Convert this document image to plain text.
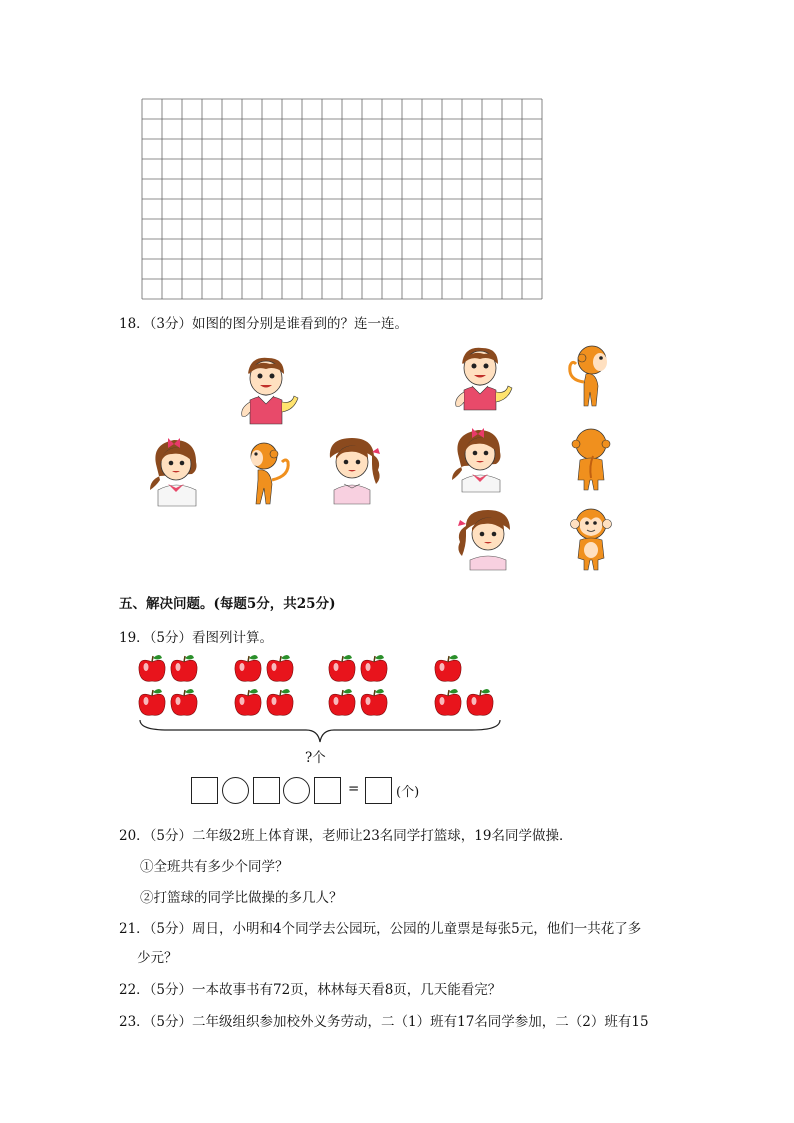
18．（3分）如图的图分别是谁看到的？连一连。
五、解决问题。(每题5分，共25分)
19．（5分）看图列计算。
?个
=	(个)
20．（5分）二年级2班上体育课，老师让23名同学打篮球，19名同学做操．
①全班共有多少个同学？
②打篮球的同学比做操的多几人？
21．（5分）周日，小明和4个同学去公园玩，公园的儿童票是每张5元，他们一共花了多
少元？
22．（5分）一本故事书有72页，林林每天看8页，几天能看完？
23．（5分）二年级组织参加校外义务劳动，二（1）班有17名同学参加，二（2）班有15
